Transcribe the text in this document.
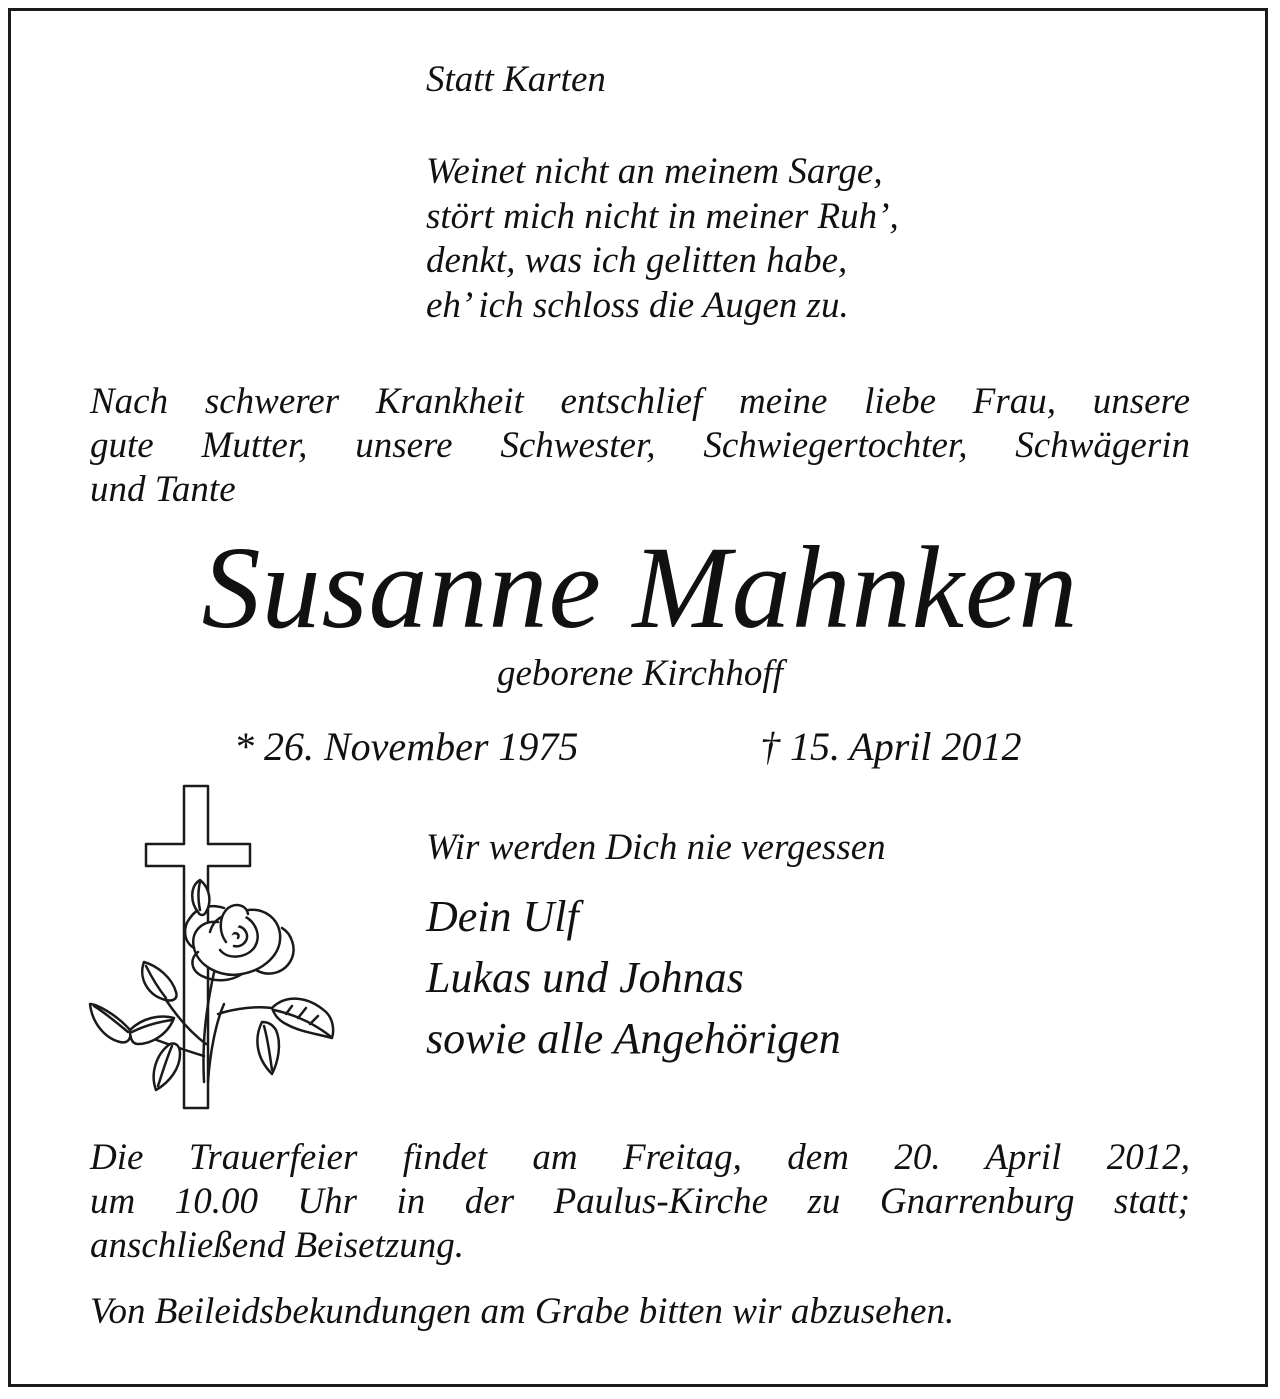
Statt Karten
Weinet nicht an meinem Sarge,
stört mich nicht in meiner Ruh’,
denkt, was ich gelitten habe,
eh’ ich schloss die Augen zu.
Nach schwerer Krankheit entschlief meine liebe Frau, unsere
gute Mutter, unsere Schwester, Schwiegertochter, Schwägerin
und Tante
Susanne Mahnken
geborene Kirchhoff
* 26. November 1975	† 15. April 2012
Wir werden Dich nie vergessen
Dein Ulf
Lukas und Johnas
sowie alle Angehörigen
Die Trauerfeier findet am Freitag, dem 20. April 2012,
um 10.00 Uhr in der Paulus-Kirche zu Gnarrenburg statt;
anschließend Beisetzung.
Von Beileidsbekundungen am Grabe bitten wir abzusehen.
